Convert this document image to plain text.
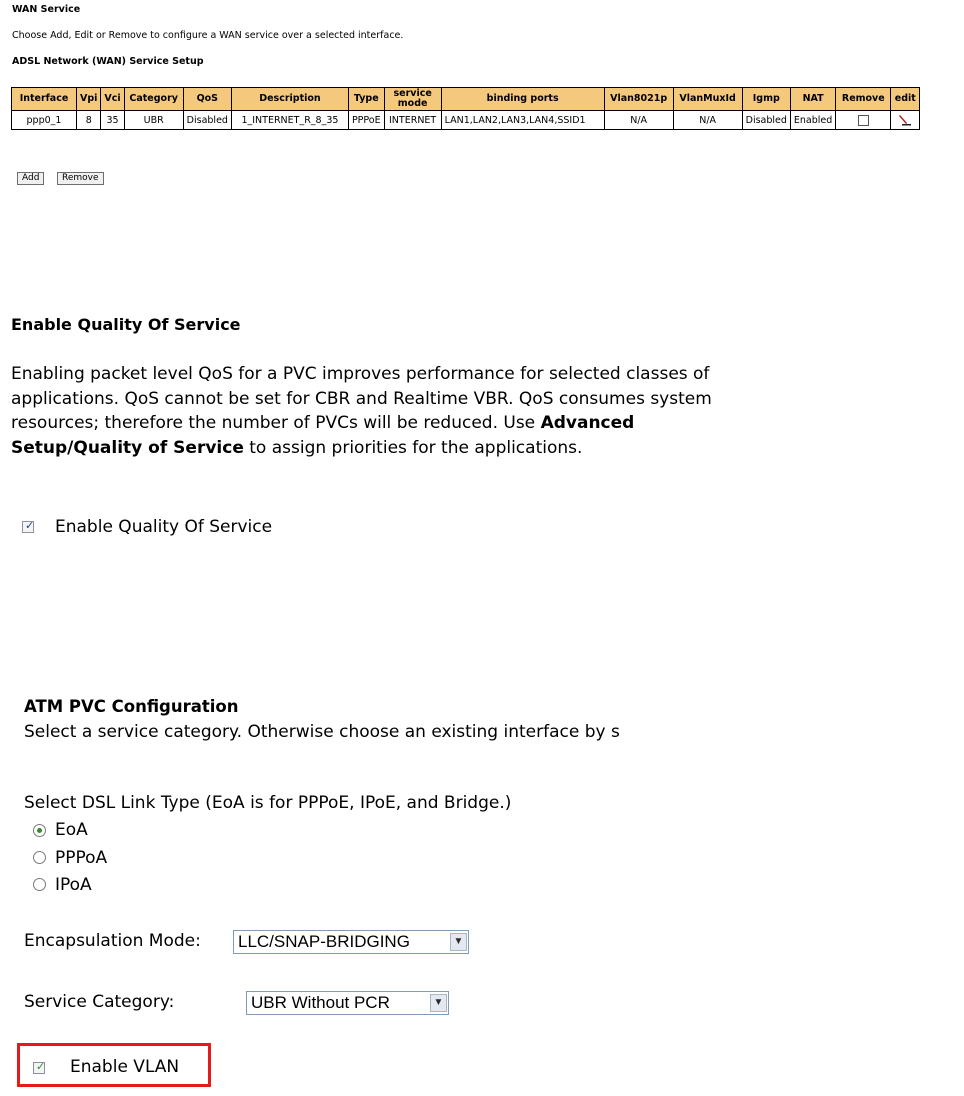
WAN Service
Choose Add, Edit or Remove to configure a WAN service over a selected interface.
ADSL Network (WAN) Service Setup
Interface	Vpi	Vci	Category	QoS	Description	Type	service mode	binding ports	Vlan8021p	VlanMuxId	Igmp	NAT	Remove	edit
ppp0_1	8	35	UBR	Disabled	1_INTERNET_R_8_35	PPPoE	INTERNET	LAN1,LAN2,LAN3,LAN4,SSID1	N/A	N/A	Disabled	Enabled		
Add	Remove
Enable Quality Of Service
Enabling packet level QoS for a PVC improves performance for selected classes of applications. QoS cannot be set for CBR and Realtime VBR. QoS consumes system resources; therefore the number of PVCs will be reduced. Use Advanced Setup/Quality of Service to assign priorities for the applications.
✓ Enable Quality Of Service
ATM PVC Configuration
Select a service category. Otherwise choose an existing interface by s
Select DSL Link Type (EoA is for PPPoE, IPoE, and Bridge.)
EoA
PPPoA
IPoA
Encapsulation Mode: LLC/SNAP-BRIDGING	▼
Service Category:	UBR Without PCR	▼
✓ Enable VLAN
